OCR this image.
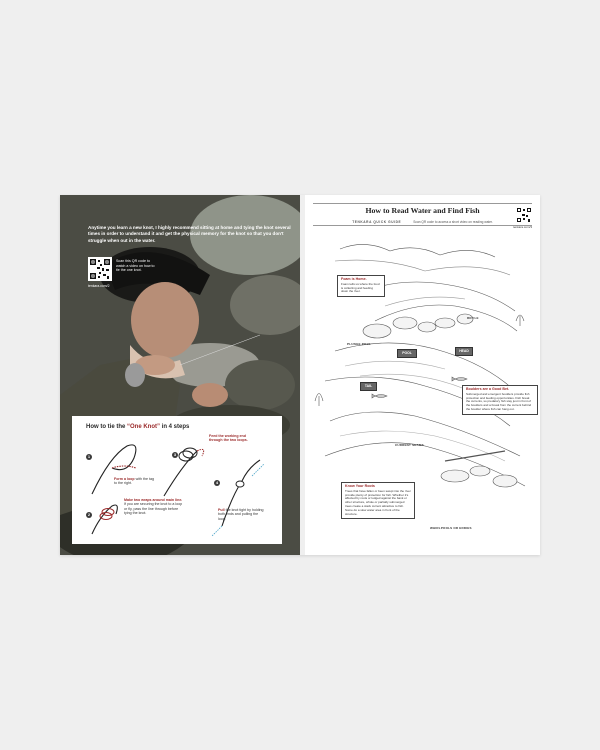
Anytime you learn a new knot, I highly recommend sitting at home and tying the knot several times in order to understand it and get the physical memory for the knot so that you don't struggle when out in the water.
Scan this QR code to watch a video on how to tie the one knot.
tenkara.com/2
How to tie the “One Knot” in 4 steps
1
Form a loop with the tag to the right.
2
Make two wraps around main line. If you are securing the knot to a loop or fly, pass the line through before tying the knot.
3
Feed the working end through the two loops.
4
Pull the knot tight by holding both ends and pulling the loop.
How to Read Water and Find Fish
TENKARA QUICK GUIDE	Scan QR code to access a short video on reading water.
tenkara.com/3
Foam is Home.
Foam tells us where the food is collecting and feeding down the river.
Boulders are a Good Bet.
Submerged and emergent boulders provide fish protection and feeding opportunities. Fish break the currents, so predatory fish stay just in front of the boulders and a break from the current behind the boulder where fish can hang out.
Know Your Roots
Trees that have fallen or been swept into the river provide plenty of protection for fish. Whether it's affected by roots or lodged against the bank or other structure, whole or partially submerged trees create a slack current attractive to fish. Some do a slow water area in front of the structure.
RIFFLE
PLUNGE POOL
POOL	HEAD
TAIL
CURRENT SEAMS
WHIRLPOOLS OR EDDIES
